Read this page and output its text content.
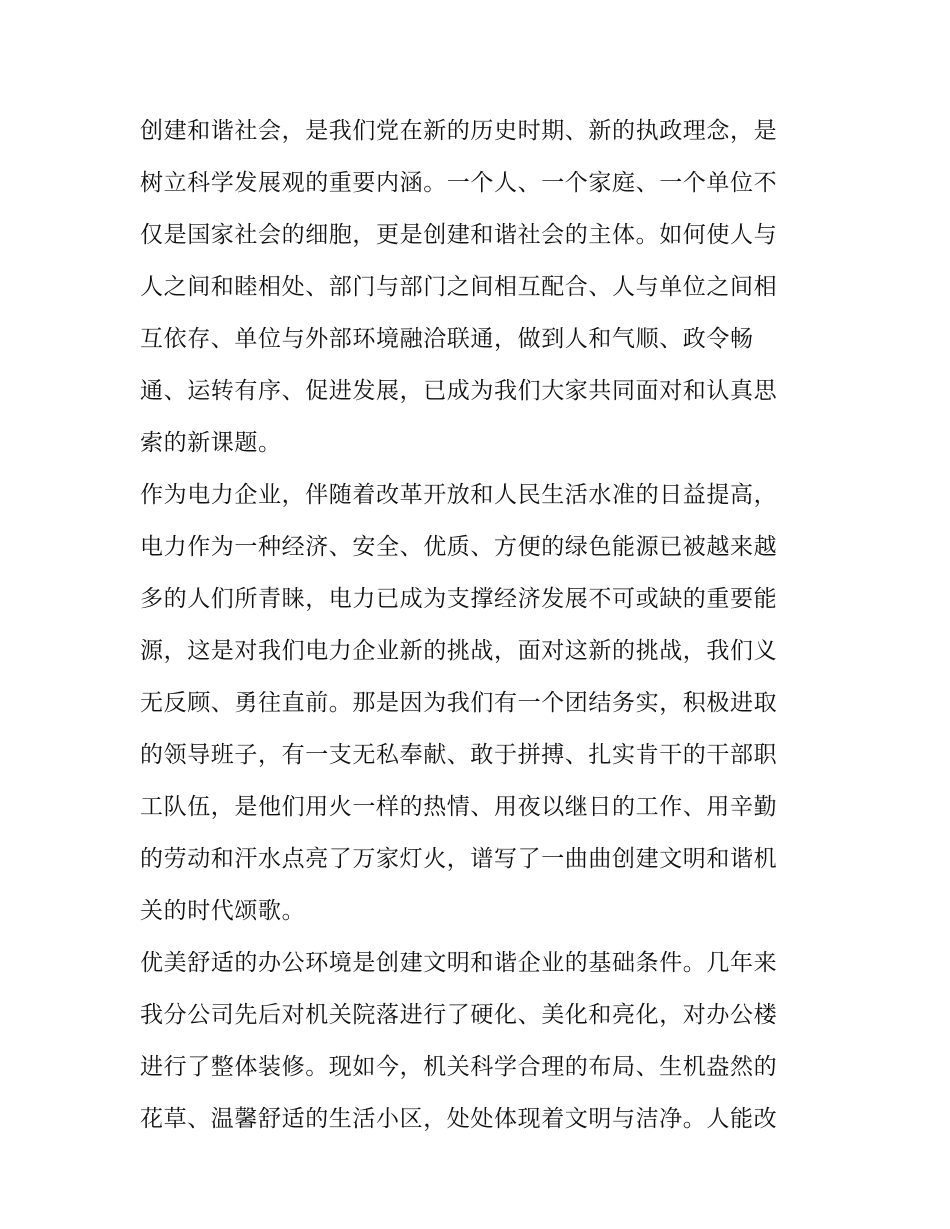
创建和谐社会，是我们党在新的历史时期、新的执政理念，是
树立科学发展观的重要内涵。一个人、一个家庭、一个单位不
仅是国家社会的细胞，更是创建和谐社会的主体。如何使人与
人之间和睦相处、部门与部门之间相互配合、人与单位之间相
互依存、单位与外部环境融洽联通，做到人和气顺、政令畅
通、运转有序、促进发展，已成为我们大家共同面对和认真思
索的新课题。
作为电力企业，伴随着改革开放和人民生活水准的日益提高，
电力作为一种经济、安全、优质、方便的绿色能源已被越来越
多的人们所青睐，电力已成为支撑经济发展不可或缺的重要能
源，这是对我们电力企业新的挑战，面对这新的挑战，我们义
无反顾、勇往直前。那是因为我们有一个团结务实，积极进取
的领导班子，有一支无私奉献、敢于拼搏、扎实肯干的干部职
工队伍，是他们用火一样的热情、用夜以继日的工作、用辛勤
的劳动和汗水点亮了万家灯火，谱写了一曲曲创建文明和谐机
关的时代颂歌。
优美舒适的办公环境是创建文明和谐企业的基础条件。几年来
我分公司先后对机关院落进行了硬化、美化和亮化，对办公楼
进行了整体装修。现如今，机关科学合理的布局、生机盎然的
花草、温馨舒适的生活小区，处处体现着文明与洁净。人能改
